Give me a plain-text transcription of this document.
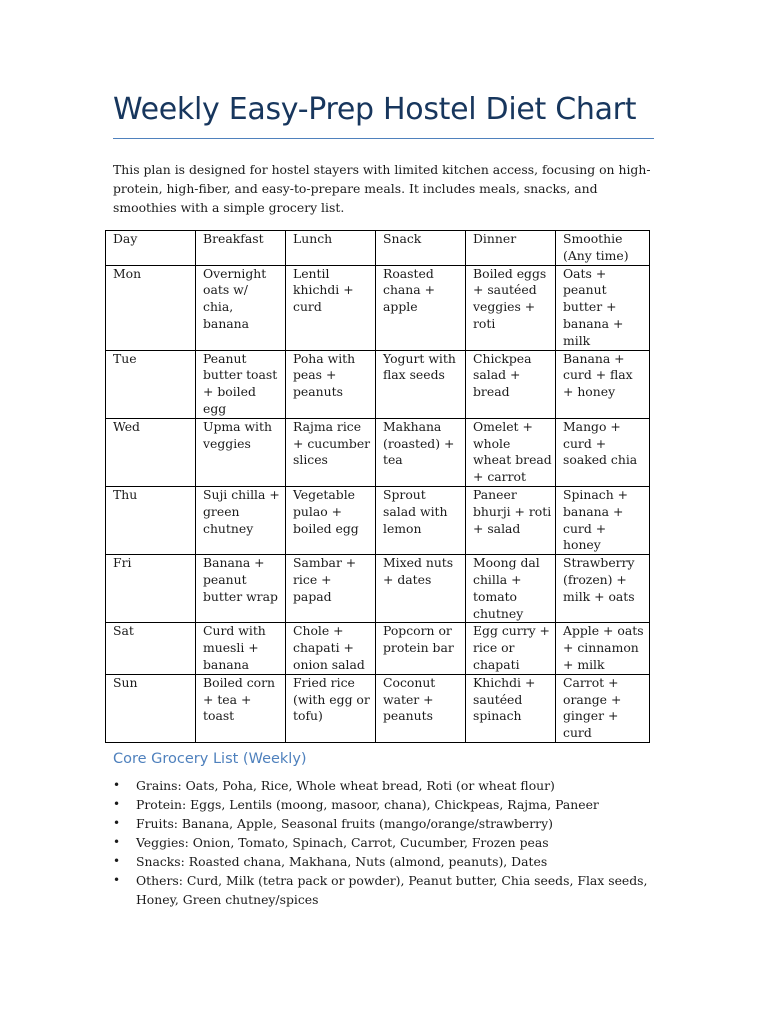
Weekly Easy-Prep Hostel Diet Chart

This plan is designed for hostel stayers with limited kitchen access, focusing on high-protein, high-fiber, and easy-to-prepare meals. It includes meals, snacks, and smoothies with a simple grocery list.

Day	Breakfast	Lunch	Snack	Dinner	Smoothie (Any time)
Mon	Overnight oats w/ chia, banana	Lentil khichdi + curd	Roasted chana + apple	Boiled eggs + sautéed veggies + roti	Oats + peanut butter + banana + milk
Tue	Peanut butter toast + boiled egg	Poha with peas + peanuts	Yogurt with flax seeds	Chickpea salad + bread	Banana + curd + flax + honey
Wed	Upma with veggies	Rajma rice + cucumber slices	Makhana (roasted) + tea	Omelet + whole wheat bread + carrot	Mango + curd + soaked chia
Thu	Suji chilla + green chutney	Vegetable pulao + boiled egg	Sprout salad with lemon	Paneer bhurji + roti + salad	Spinach + banana + curd + honey
Fri	Banana + peanut butter wrap	Sambar + rice + papad	Mixed nuts + dates	Moong dal chilla + tomato chutney	Strawberry (frozen) + milk + oats
Sat	Curd with muesli + banana	Chole + chapati + onion salad	Popcorn or protein bar	Egg curry + rice or chapati	Apple + oats + cinnamon + milk
Sun	Boiled corn + tea + toast	Fried rice (with egg or tofu)	Coconut water + peanuts	Khichdi + sautéed spinach	Carrot + orange + ginger + curd
Core Grocery List (Weekly)
• Grains: Oats, Poha, Rice, Whole wheat bread, Roti (or wheat flour)
• Protein: Eggs, Lentils (moong, masoor, chana), Chickpeas, Rajma, Paneer
• Fruits: Banana, Apple, Seasonal fruits (mango/orange/strawberry)
• Veggies: Onion, Tomato, Spinach, Carrot, Cucumber, Frozen peas
• Snacks: Roasted chana, Makhana, Nuts (almond, peanuts), Dates
• Others: Curd, Milk (tetra pack or powder), Peanut butter, Chia seeds, Flax seeds, Honey, Green chutney/spices
